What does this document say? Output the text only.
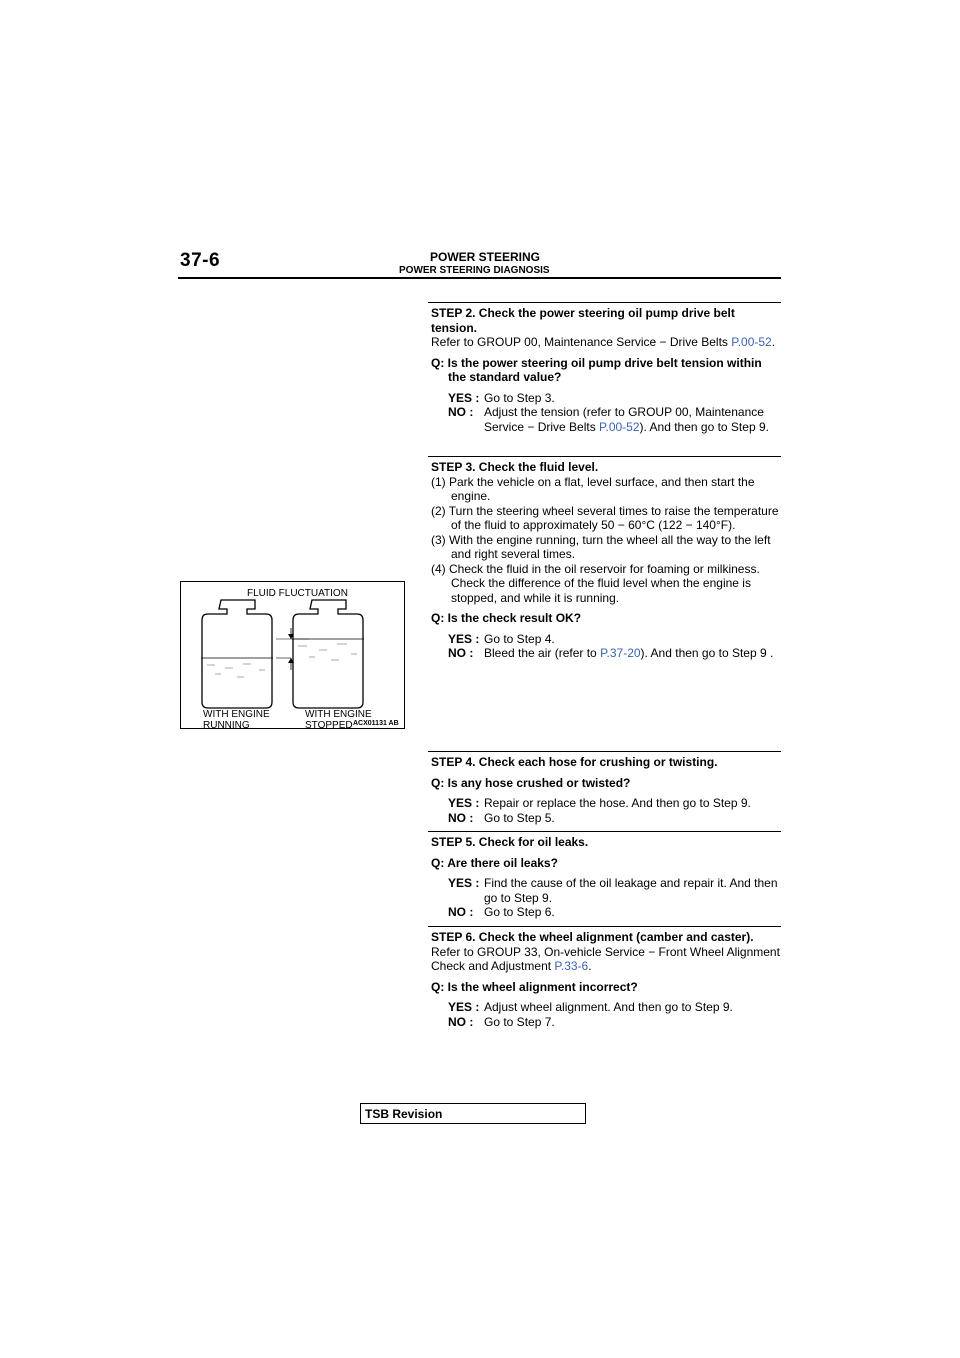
37-6	POWER STEERING
POWER STEERING DIAGNOSIS
FLUID FLUCTUATION
WITH ENGINE RUNNING
WITH ENGINE STOPPED ACX01131 AB
STEP 2. Check the power steering oil pump drive belt tension.
Refer to GROUP 00, Maintenance Service − Drive Belts P.00-52.
Q: Is the power steering oil pump drive belt tension within the standard value?
YES : Go to Step 3.
NO : Adjust the tension (refer to GROUP 00, Maintenance Service − Drive Belts P.00-52). And then go to Step 9.
STEP 3. Check the fluid level.
(1) Park the vehicle on a flat, level surface, and then start the engine.
(2) Turn the steering wheel several times to raise the temperature of the fluid to approximately 50 − 60°C (122 − 140°F).
(3) With the engine running, turn the wheel all the way to the left and right several times.
(4) Check the fluid in the oil reservoir for foaming or milkiness. Check the difference of the fluid level when the engine is stopped, and while it is running.
Q: Is the check result OK?
YES : Go to Step 4.
NO : Bleed the air (refer to P.37-20). And then go to Step 9 .
STEP 4. Check each hose for crushing or twisting.
Q: Is any hose crushed or twisted?
YES : Repair or replace the hose. And then go to Step 9.
NO : Go to Step 5.
STEP 5. Check for oil leaks.
Q: Are there oil leaks?
YES : Find the cause of the oil leakage and repair it. And then go to Step 9.
NO : Go to Step 6.
STEP 6. Check the wheel alignment (camber and caster).
Refer to GROUP 33, On-vehicle Service − Front Wheel Alignment Check and Adjustment P.33-6.
Q: Is the wheel alignment incorrect?
YES : Adjust wheel alignment. And then go to Step 9.
NO : Go to Step 7.
TSB Revision
